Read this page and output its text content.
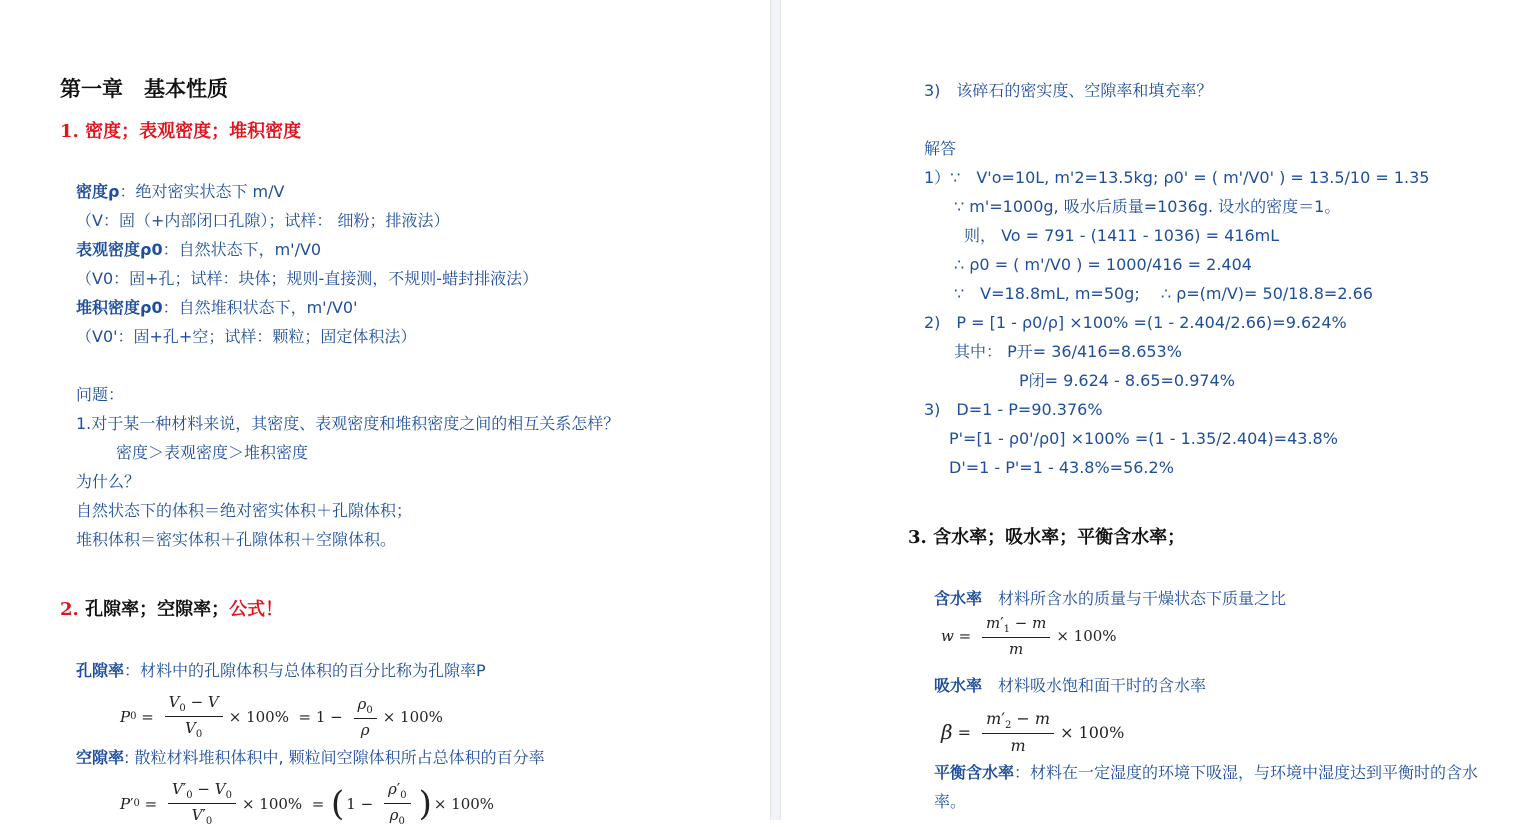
第一章　基本性质
1. 密度；表观密度；堆积密度
密度ρ：绝对密实状态下 m/V
（V：固（+内部闭口孔隙）；试样： 细粉；排液法）
表观密度ρ0：自然状态下，m'/V0
（V0：固+孔；试样：块体；规则-直接测，不规则-蜡封排液法）
堆积密度ρ0：自然堆积状态下，m'/V0'
（V0'：固+孔+空；试样：颗粒；固定体积法）
问题：
1.对于某一种材料来说，其密度、表观密度和堆积密度之间的相互关系怎样？
密度＞表观密度＞堆积密度
为什么？
自然状态下的体积＝绝对密实体积＋孔隙体积；
堆积体积＝密实体积＋孔隙体积＋空隙体积。
2. 孔隙率；空隙率；公式！
孔隙率：材料中的孔隙体积与总体积的百分比称为孔隙率P
P $0 = \frac{V_0 - V}{V_0} \times 100\% = 1 - \frac{\rho_0}{\rho} \times 100\%$
空隙率: 散粒材料堆积体积中, 颗粒间空隙体积所占总体积的百分率
P ′ $0 = \frac{V'_0 - V_0}{V'_0} \times 100\%$  = ( $1 - \frac{\rho'_0}{\rho_0}$ ) × 100%
3)　该碎石的密实度、空隙率和填充率？
解答
1）∵　V'o=10L, m'2=13.5kg; ρ0' = ( m'/V0' ) = 13.5/10 = 1.35
∵ m'=1000g, 吸水后质量=1036g. 设水的密度＝1。
则， Vo = 791 - (1411 - 1036) = 416mL
∴ ρ0 = ( m'/V0 ) = 1000/416 = 2.404
∵　V=18.8mL, m=50g;　 ∴ ρ=(m/V)= 50/18.8=2.66
2)　P = [1 - ρ0/ρ] ×100% =(1 - 2.404/2.66)=9.624%
其中： P开= 36/416=8.653%
P闭= 9.624 - 8.65=0.974%
3)　D=1 - P=90.376%
P'=[1 - ρ0'/ρ0] ×100% =(1 - 1.35/2.404)=43.8%
D'=1 - P'=1 - 43.8%=56.2%
3. 含水率；吸水率；平衡含水率；
含水率　材料所含水的质量与干燥状态下质量之比
$w = \frac{m'_1 - m}{m} \times 100\%$
吸水率　材料吸水饱和面干时的含水率
$\beta = \frac{m'_2 - m}{m} \times 100\%$
平衡含水率：材料在一定湿度的环境下吸湿，与环境中湿度达到平衡时的含水
率。
